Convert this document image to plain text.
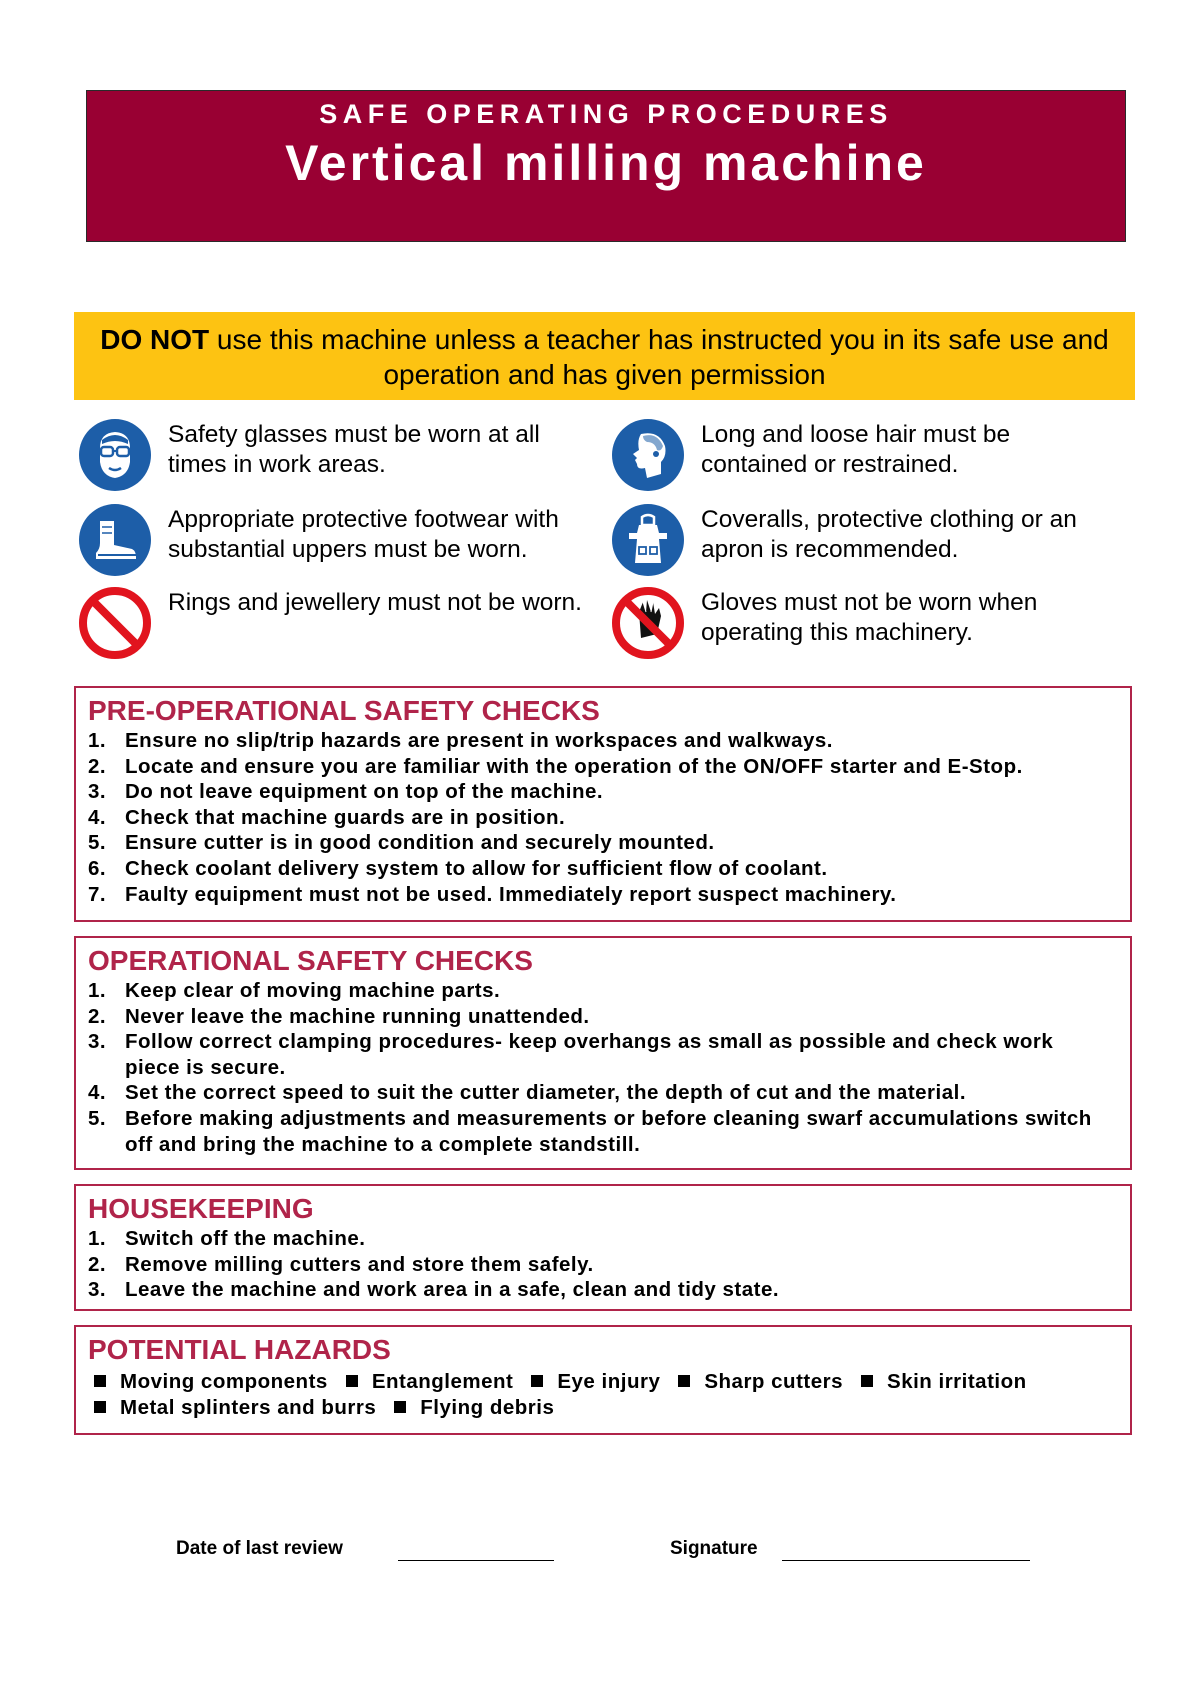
SAFE OPERATING PROCEDURES
Vertical milling machine
DO NOT use this machine unless a teacher has instructed you in its safe use and operation and has given permission
Safety glasses must be worn at all times in work areas.
Long and loose hair must be contained or restrained.
Appropriate protective footwear with substantial uppers must be worn.
Coveralls, protective clothing or an apron is recommended.
Rings and jewellery must not be worn.	Gloves must not be worn when operating this machinery.
PRE-OPERATIONAL SAFETY CHECKS
1. Ensure no slip/trip hazards are present in workspaces and walkways.
2. Locate and ensure you are familiar with the operation of the ON/OFF starter and E-Stop.
3. Do not leave equipment on top of the machine.
4. Check that machine guards are in position.
5. Ensure cutter is in good condition and securely mounted.
6. Check coolant delivery system to allow for sufficient flow of coolant.
7. Faulty equipment must not be used. Immediately report suspect machinery.
OPERATIONAL SAFETY CHECKS
1. Keep clear of moving machine parts.
2. Never leave the machine running unattended.
3. Follow correct clamping procedures- keep overhangs as small as possible and check work piece is secure.
4. Set the correct speed to suit the cutter diameter, the depth of cut and the material.
5. Before making adjustments and measurements or before cleaning swarf accumulations switch off and bring the machine to a complete standstill.
HOUSEKEEPING
1. Switch off the machine.
2. Remove milling cutters and store them safely.
3. Leave the machine and work area in a safe, clean and tidy state.
POTENTIAL HAZARDS
Moving components Entanglement Eye injury Sharp cutters Skin irritation
Metal splinters and burrs Flying debris
Date of last review	Signature
